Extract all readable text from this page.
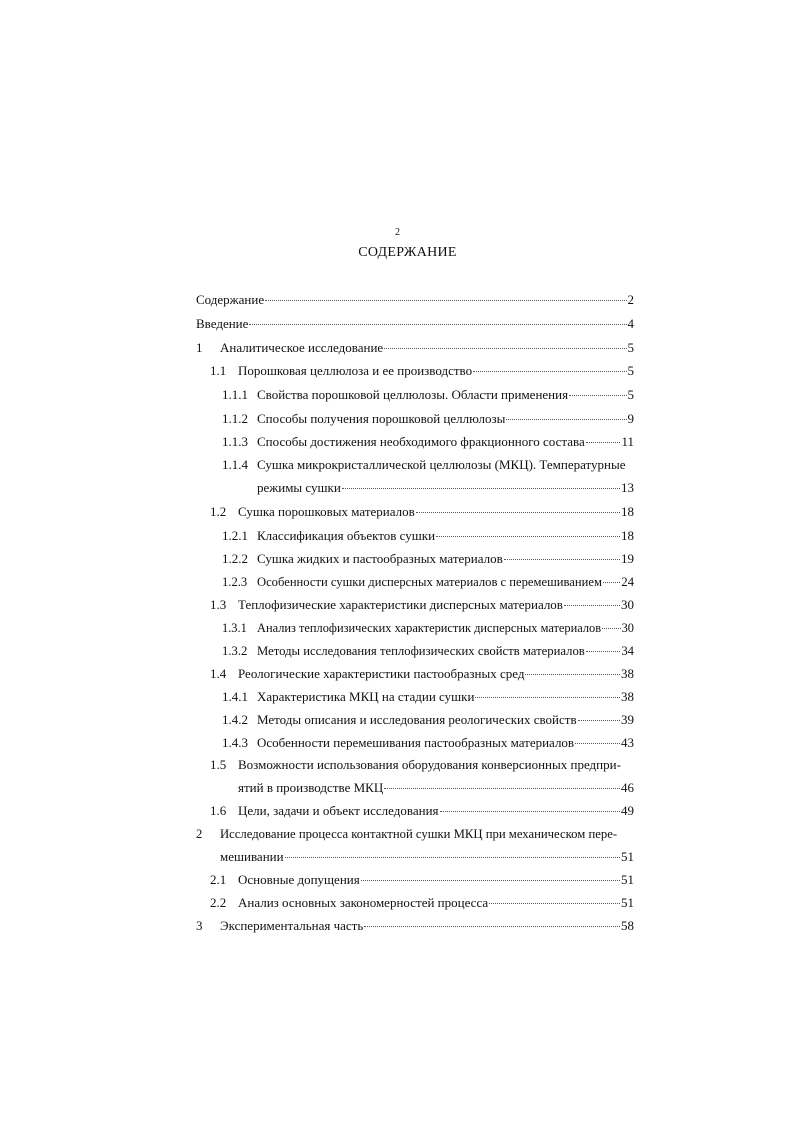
2
СОДЕРЖАНИЕ
Содержание	2
Введение	4
1	Аналитическое исследование	5
1.1 Порошковая целлюлоза и ее производство	5
1.1.1 Свойства порошковой целлюлозы. Области применения	5
1.1.2 Способы получения порошковой целлюлозы	9
1.1.3 Способы достижения необходимого фракционного состава	11
1.1.4 Сушка микрокристаллической целлюлозы (МКЦ). Температурные
режимы сушки	13
1.2 Сушка порошковых материалов	18
1.2.1 Классификация объектов сушки	18
1.2.2 Сушка жидких и пастообразных материалов	19
1.2.3 Особенности сушки дисперсных материалов с перемешиванием 24
1.3 Теплофизические характеристики дисперсных материалов	30
1.3.1 Анализ теплофизических характеристик дисперсных материалов 30
1.3.2 Методы исследования теплофизических свойств материалов	34
1.4 Реологические характеристики пастообразных сред	38
1.4.1 Характеристика МКЦ на стадии сушки	38
1.4.2 Методы описания и исследования реологических свойств	39
1.4.3 Особенности перемешивания пастообразных материалов	43
1.5 Возможности использования оборудования конверсионных предпри-
ятий в производстве МКЦ	46
1.6 Цели, задачи и объект исследования	49
2 Исследование процесса контактной сушки МКЦ при механическом пере-
мешивании	51
2.1 Основные допущения	51
2.2 Анализ основных закономерностей процесса	51
3	Экспериментальная часть	58
